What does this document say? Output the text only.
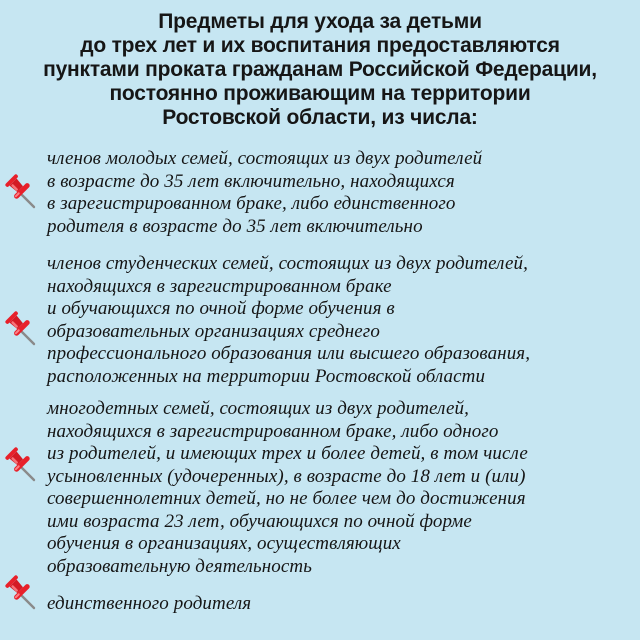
Предметы для ухода за детьми
до трех лет и их воспитания предоставляются
пунктами проката гражданам Российской Федерации,
постоянно проживающим на территории
Ростовской области, из числа:
членов молодых семей, состоящих из двух родителей
в возрасте до 35 лет включительно, находящихся
в зарегистрированном браке, либо единственного
родителя в возрасте до 35 лет включительно
членов студенческих семей, состоящих из двух родителей,
находящихся в зарегистрированном браке
и обучающихся по очной форме обучения в
образовательных организациях среднего
профессионального образования или высшего образования,
расположенных на территории Ростовской области
многодетных семей, состоящих из двух родителей,
находящихся в зарегистрированном браке, либо одного
из родителей, и имеющих трех и более детей, в том числе
усыновленных (удочеренных), в возрасте до 18 лет и (или)
совершеннолетних детей, но не более чем до достижения
ими возраста 23 лет, обучающихся по очной форме
обучения в организациях, осуществляющих
образовательную деятельность
единственного родителя
